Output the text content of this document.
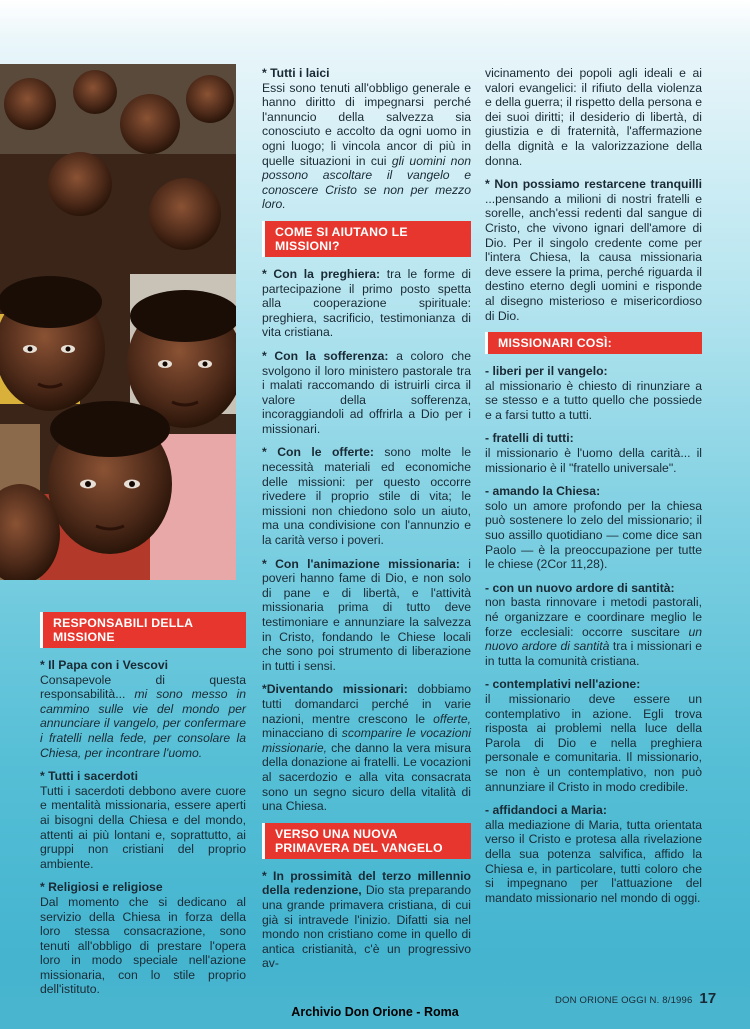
RESPONSABILI DELLA MISSIONE

* Il Papa con i Vescovi

Consapevole di questa responsabilità... mi sono messo in cammino sulle vie del mondo per annunciare il vangelo, per confermare i fratelli nella fede, per consolare la Chiesa, per incontrare l'uomo.

* Tutti i sacerdoti

Tutti i sacerdoti debbono avere cuore e mentalità missionaria, essere aperti ai bisogni della Chiesa e del mondo, attenti ai più lontani e, soprattutto, ai gruppi non cristiani del proprio ambiente.

* Religiosi e religiose

Dal momento che si dedicano al servizio della Chiesa in forza della loro stessa consacrazione, sono tenuti all'obbligo di prestare l'opera loro in modo speciale nell'azione missionaria, con lo stile proprio dell'istituto.

* Tutti i laici

Essi sono tenuti all'obbligo generale e hanno diritto di impegnarsi perché l'annuncio della salvezza sia conosciuto e accolto da ogni uomo in ogni luogo; li vincola ancor di più in quelle situazioni in cui gli uomini non possono ascoltare il vangelo e conoscere Cristo se non per mezzo loro.

COME SI AIUTANO LE MISSIONI?

* Con la preghiera: tra le forme di partecipazione il primo posto spetta alla cooperazione spirituale: preghiera, sacrificio, testimonianza di vita cristiana.

* Con la sofferenza: a coloro che svolgono il loro ministero pastorale tra i malati raccomando di istruirli circa il valore della sofferenza, incoraggiandoli ad offrirla a Dio per i missionari.

* Con le offerte: sono molte le necessità materiali ed economiche delle missioni: per questo occorre rivedere il proprio stile di vita; le missioni non chiedono solo un aiuto, ma una condivisione con l'annunzio e la carità verso i poveri.

* Con l'animazione missionaria: i poveri hanno fame di Dio, e non solo di pane e di libertà, e l'attività missionaria prima di tutto deve testimoniare e annunziare la salvezza in Cristo, fondando le Chiese locali che sono poi strumento di liberazione in tutti i sensi.

*Diventando missionari: dobbiamo tutti domandarci perché in varie nazioni, mentre crescono le offerte, minacciano di scomparire le vocazioni missionarie, che danno la vera misura della donazione ai fratelli. Le vocazioni al sacerdozio e alla vita consacrata sono un segno sicuro della vitalità di una Chiesa.

VERSO UNA NUOVA PRIMAVERA DEL VANGELO

* In prossimità del terzo millennio della redenzione, Dio sta preparando una grande primavera cristiana, di cui già si intravede l'inizio. Difatti sia nel mondo non cristiano come in quello di antica cristianità, c'è un progressivo av-

vicinamento dei popoli agli ideali e ai valori evangelici: il rifiuto della violenza e della guerra; il rispetto della persona e dei suoi diritti; il desiderio di libertà, di giustizia e di fraternità, l'affermazione della dignità e la valorizzazione della donna.

* Non possiamo restarcene tranquilli ...pensando a milioni di nostri fratelli e sorelle, anch'essi redenti dal sangue di Cristo, che vivono ignari dell'amore di Dio. Per il singolo credente come per l'intera Chiesa, la causa missionaria deve essere la prima, perché riguarda il destino eterno degli uomini e risponde al disegno misterioso e misericordioso di Dio.

MISSIONARI COSÌ:

- liberi per il vangelo:

al missionario è chiesto di rinunziare a se stesso e a tutto quello che possiede e a farsi tutto a tutti.

- fratelli di tutti:

il missionario è l'uomo della carità... il missionario è il "fratello universale".

- amando la Chiesa:

solo un amore profondo per la chiesa può sostenere lo zelo del missionario; il suo assillo quotidiano — come dice san Paolo — è la preoccupazione per tutte le chiese (2Cor 11,28).

- con un nuovo ardore di santità:

non basta rinnovare i metodi pastorali, né organizzare e coordinare meglio le forze ecclesiali: occorre suscitare un nuovo ardore di santità tra i missionari e in tutta la comunità cristiana.

- contemplativi nell'azione:

il missionario deve essere un contemplativo in azione. Egli trova risposta ai problemi nella luce della Parola di Dio e nella preghiera personale e comunitaria. Il missionario, se non è un contemplativo, non può annunziare il Cristo in modo credibile.

- affidandoci a Maria:

alla mediazione di Maria, tutta orientata verso il Cristo e protesa alla rivelazione della sua potenza salvifica, affido la Chiesa e, in particolare, tutti coloro che si impegnano per l'attuazione del mandato missionario nel mondo di oggi.

DON ORIONE OGGI N. 8/1996 17
Archivio Don Orione - Roma
